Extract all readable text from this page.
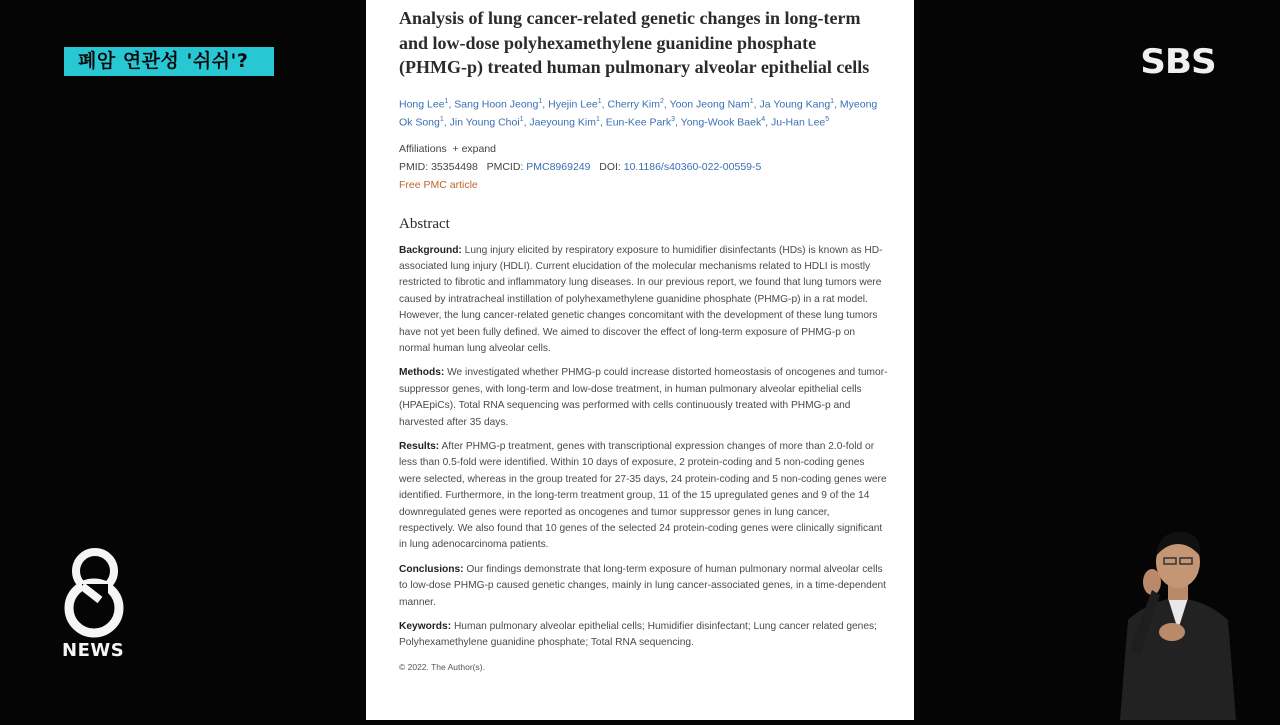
폐암 연관성 '쉬쉬'?	SBS
NEWS
Analysis of lung cancer-related genetic changes in long-term and low-dose polyhexamethylene guanidine phosphate (PHMG-p) treated human pulmonary alveolar epithelial cells
Hong Lee$^1$, Sang Hoon Jeong$^1$, Hyejin Lee$^1$, Cherry Kim$^2$, Yoon Jeong Nam$^1$, Ja Young Kang$^1$, Myeong Ok Song$^1$, Jin Young Choi$^1$, Jaeyoung Kim$^1$, Eun-Kee Park$^3$, Yong-Wook Baek$^4$, Ju-Han Lee$^5$
Affiliations + expand
PMID: 35354498 PMCID: PMC8969249 DOI: 10.1186/s40360-022-00559-5
Free PMC article
Abstract
Background: Lung injury elicited by respiratory exposure to humidifier disinfectants (HDs) is known as HD-associated lung injury (HDLI). Current elucidation of the molecular mechanisms related to HDLI is mostly restricted to fibrotic and inflammatory lung diseases. In our previous report, we found that lung tumors were caused by intratracheal instillation of polyhexamethylene guanidine phosphate (PHMG-p) in a rat model. However, the lung cancer-related genetic changes concomitant with the development of these lung tumors have not yet been fully defined. We aimed to discover the effect of long-term exposure of PHMG-p on normal human lung alveolar cells.
Methods: We investigated whether PHMG-p could increase distorted homeostasis of oncogenes and tumor-suppressor genes, with long-term and low-dose treatment, in human pulmonary alveolar epithelial cells (HPAEpiCs). Total RNA sequencing was performed with cells continuously treated with PHMG-p and harvested after 35 days.
Results: After PHMG-p treatment, genes with transcriptional expression changes of more than 2.0-fold or less than 0.5-fold were identified. Within 10 days of exposure, 2 protein-coding and 5 non-coding genes were selected, whereas in the group treated for 27-35 days, 24 protein-coding and 5 non-coding genes were identified. Furthermore, in the long-term treatment group, 11 of the 15 upregulated genes and 9 of the 14 downregulated genes were reported as oncogenes and tumor suppressor genes in lung cancer, respectively. We also found that 10 genes of the selected 24 protein-coding genes were clinically significant in lung adenocarcinoma patients.
Conclusions: Our findings demonstrate that long-term exposure of human pulmonary normal alveolar cells to low-dose PHMG-p caused genetic changes, mainly in lung cancer-associated genes, in a time-dependent manner.
Keywords: Human pulmonary alveolar epithelial cells; Humidifier disinfectant; Lung cancer related genes; Polyhexamethylene guanidine phosphate; Total RNA sequencing.
© 2022. The Author(s).
